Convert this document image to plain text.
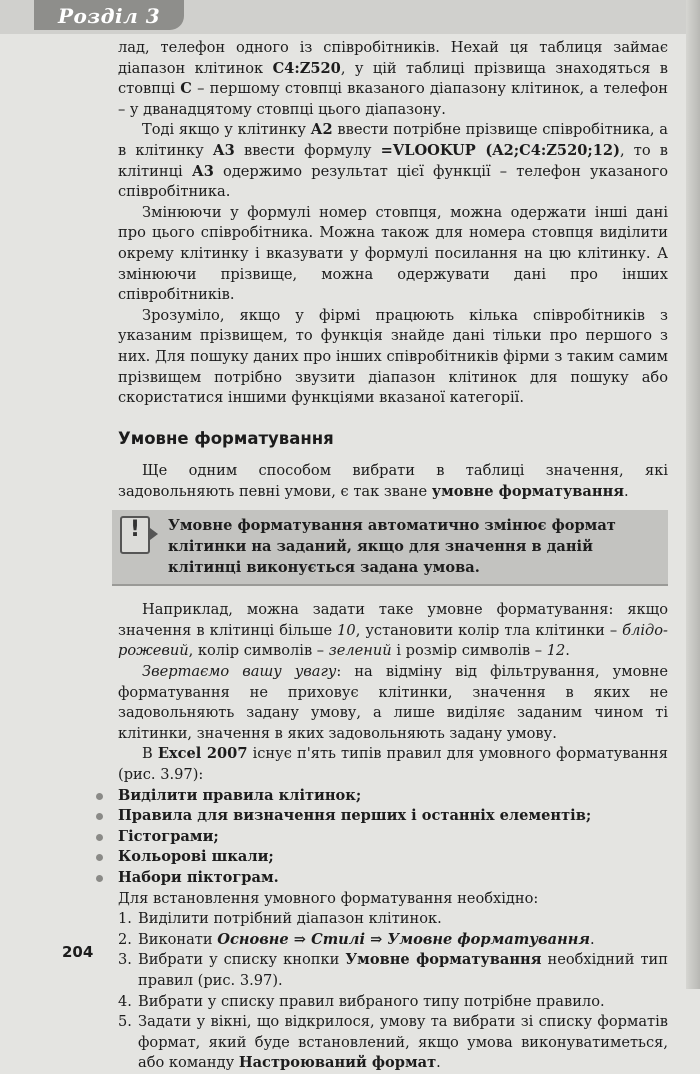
Розділ 3

лад, телефон одного із співробітників. Нехай ця таблиця займає діапазон клітинок C4:Z520, у цій таблиці прізвища знаходяться в стовпці С – першому стовпці вказаного діапазону клітинок, а телефон – у дванадцятому стовпці цього діапазону.

Тоді якщо у клітинку А2 ввести потрібне прізвище співробітника, а в клітинку А3 ввести формулу =VLOOKUP (A2;C4:Z520;12), то в клітинці А3 одержимо результат цієї функції – телефон указаного співробітника.

Змінюючи у формулі номер стовпця, можна одержати інші дані про цього співробітника. Можна також для номера стовпця виділити окрему клітинку і вказувати у формулі посилання на цю клітинку. А змінюючи прізвище, можна одержувати дані про інших співробітників.

Зрозуміло, якщо у фірмі працюють кілька співробітників з указаним прізвищем, то функція знайде дані тільки про першого з них. Для пошуку даних про інших співробітників фірми з таким самим прізвищем потрібно звузити діапазон клітинок для пошуку або скористатися іншими функціями вказаної категорії.

Умовне форматування

Ще одним способом вибрати в таблиці значення, які задовольняють певні умови, є так зване умовне форматування.

!
Умовне форматування автоматично змінює формат клітинки на заданий, якщо для значення в даній клітинці виконується задана умова.

Наприклад, можна задати таке умовне форматування: якщо значення в клітинці більше 10, установити колір тла клітинки – блідо-рожевий, колір символів – зелений і розмір символів – 12.

Звертаємо вашу увагу: на відміну від фільтрування, умовне форматування не приховує клітинки, значення в яких не задовольняють задану умову, а лише виділяє заданим чином ті клітинки, значення в яких задовольняють задану умову.

В Excel 2007 існує п'ять типів правил для умовного форматування (рис. 3.97):

Виділити правила клітинок;
Правила для визначення перших і останніх елементів;
Гістограми;
Кольорові шкали;
Набори піктограм.

Для встановлення умовного форматування необхідно:

1. Виділити потрібний діапазон клітинок.
2. Виконати Основне ⇒ Стилі ⇒ Умовне форматування.
3. Вибрати у списку кнопки Умовне форматування необхідний тип правил (рис. 3.97).
4. Вибрати у списку правил вибраного типу потрібне правило.
5. Задати у вікні, що відкрилося, умову та вибрати зі списку форматів формат, який буде встановлений, якщо умова виконуватиметься, або команду Настроюваний формат.
204
